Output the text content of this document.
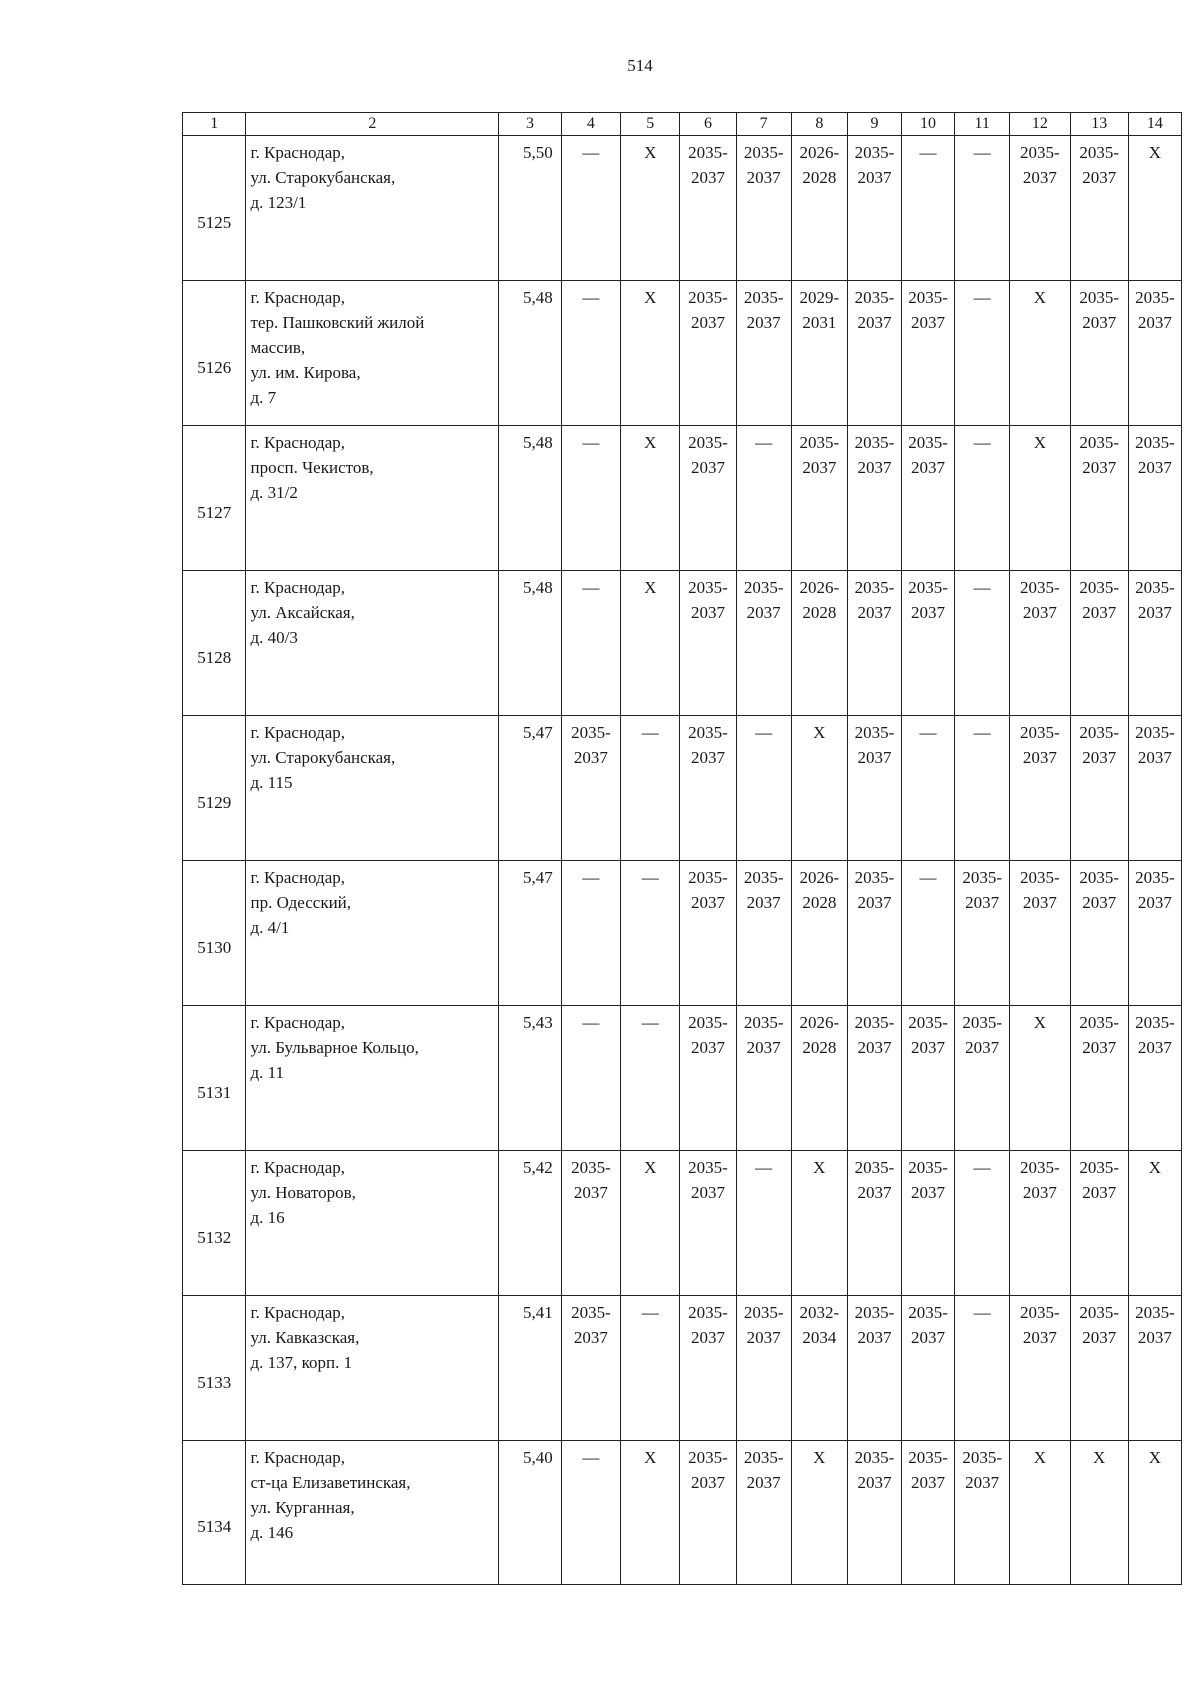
514
1	2	3	4	5	6	7	8	9	10	11	12	13	14
5125	г. Краснодар,
ул. Старокубанская,
д. 123/1	5,50	—	X	2035-
2037	2035-
2037	2026-
2028	2035-
2037	—	—	2035-
2037	2035-
2037	X
5126	г. Краснодар,
тер. Пашковский жилой
массив,
ул. им. Кирова,
д. 7	5,48	—	X	2035-
2037	2035-
2037	2029-
2031	2035-
2037	2035-
2037	—	X	2035-
2037	2035-
2037

5127	г. Краснодар,
просп. Чекистов,
д. 31/2	5,48	—	X	2035-
2037	—	2035-
2037	2035-
2037	2035-
2037	—	X	2035-
2037	2035-
2037

5128	г. Краснодар,
ул. Аксайская,
д. 40/3	5,48	—	X	2035-
2037	2035-
2037	2026-
2028	2035-
2037	2035-
2037	—	2035-
2037	2035-
2037	2035-
2037

5129	г. Краснодар,
ул. Старокубанская,
д. 115	5,47	2035-
2037	—	2035-
2037	—	X	2035-
2037	—	—	2035-
2037	2035-
2037	2035-
2037

5130	г. Краснодар,
пр. Одесский,
д. 4/1	5,47	—	—	2035-
2037	2035-
2037	2026-
2028	2035-
2037	—	2035-
2037	2035-
2037	2035-
2037	2035-
2037

5131	г. Краснодар,
ул. Бульварное Кольцо,
д. 11	5,43	—	—	2035-
2037	2035-
2037	2026-
2028	2035-
2037	2035-
2037	2035-
2037	X	2035-
2037	2035-
2037

5132	г. Краснодар,
ул. Новаторов,
д. 16	5,42	2035-
2037	X	2035-
2037	—	X	2035-
2037	2035-
2037	—	2035-
2037	2035-
2037	X
5133	г. Краснодар,
ул. Кавказская,
д. 137, корп. 1	5,41	2035-
2037	—	2035-
2037	2035-
2037	2032-
2034	2035-
2037	2035-
2037	—	2035-
2037	2035-
2037	2035-
2037

5134	г. Краснодар,
ст-ца Елизаветинская,
ул. Курганная,
д. 146	5,40	—	X	2035-
2037	2035-
2037	X	2035-
2037	2035-
2037	2035-
2037	X	X	X
